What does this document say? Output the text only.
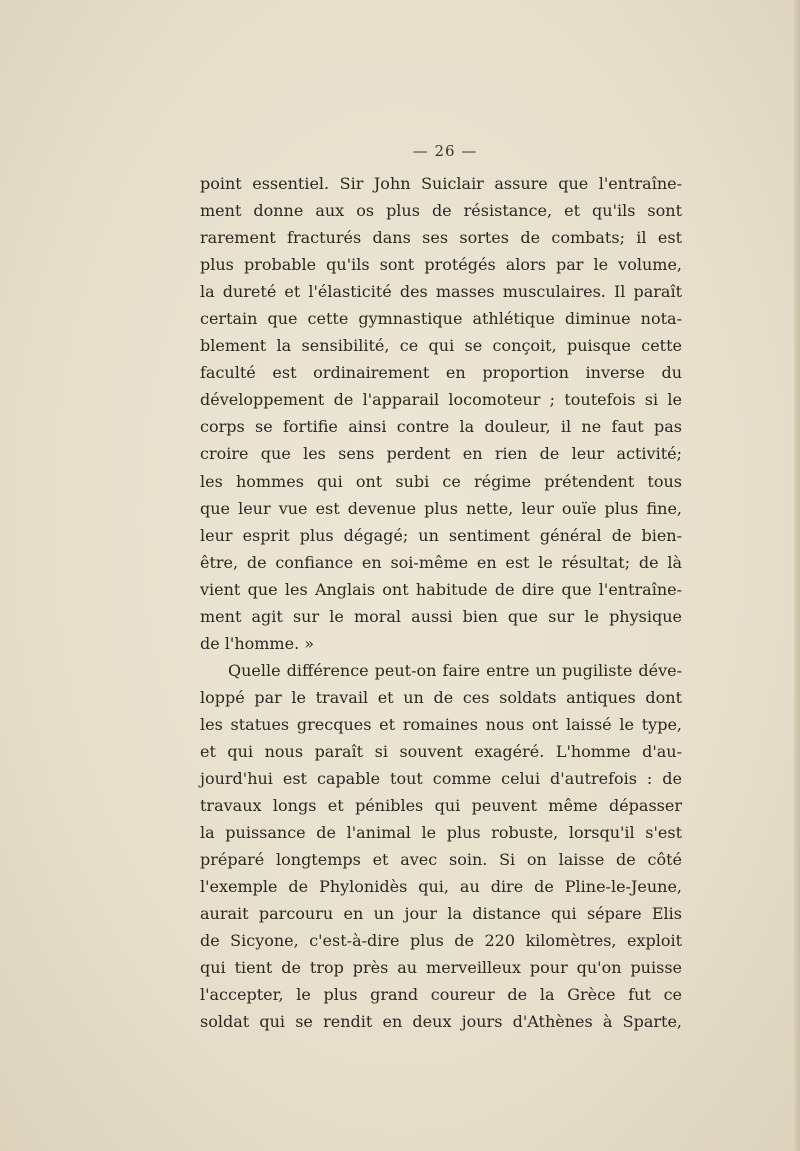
— 26 —
point essentiel. Sir John Suiclair assure que l'entraîne-
ment donne aux os plus de résistance, et qu'ils sont
rarement fracturés dans ses sortes de combats; il est
plus probable qu'ils sont protégés alors par le volume,
la dureté et l'élasticité des masses musculaires. Il paraît
certain que cette gymnastique athlétique diminue nota-
blement la sensibilité, ce qui se conçoit, puisque cette
faculté est ordinairement en proportion inverse du
développement de l'apparail locomoteur ; toutefois si le
corps se fortifie ainsi contre la douleur, il ne faut pas
croire que les sens perdent en rien de leur activité;
les hommes qui ont subi ce régime prétendent tous
que leur vue est devenue plus nette, leur ouïe plus fine,
leur esprit plus dégagé; un sentiment général de bien-
être, de confiance en soi-même en est le résultat; de là
vient que les Anglais ont habitude de dire que l'entraîne-
ment agit sur le moral aussi bien que sur le physique
de l'homme. »
Quelle différence peut-on faire entre un pugiliste déve-
loppé par le travail et un de ces soldats antiques dont
les statues grecques et romaines nous ont laissé le type,
et qui nous paraît si souvent exagéré. L'homme d'au-
jourd'hui est capable tout comme celui d'autrefois : de
travaux longs et pénibles qui peuvent même dépasser
la puissance de l'animal le plus robuste, lorsqu'il s'est
préparé longtemps et avec soin. Si on laisse de côté
l'exemple de Phylonidès qui, au dire de Pline-le-Jeune,
aurait parcouru en un jour la distance qui sépare Elis
de Sicyone, c'est-à-dire plus de 220 kilomètres, exploit
qui tient de trop près au merveilleux pour qu'on puisse
l'accepter, le plus grand coureur de la Grèce fut ce
soldat qui se rendit en deux jours d'Athènes à Sparte,
